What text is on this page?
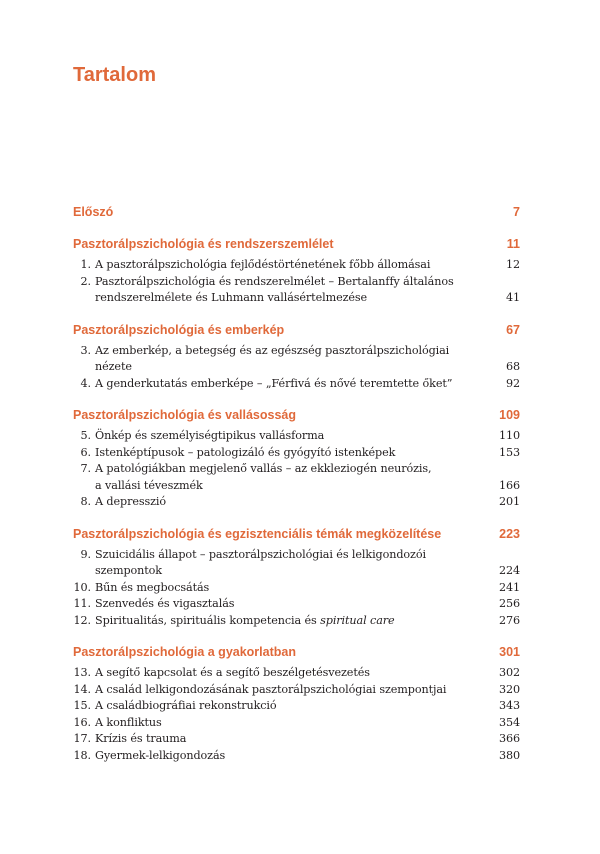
Tartalom
Előszó	7
Pasztorálpszichológia és rendszerszemlélet	11
1. A pasztorálpszichológia fejlődéstörténetének főbb állomásai	12
2. Pasztorálpszichológia és rendszerelmélet – Bertalanffy általános
rendszerelmélete és Luhmann vallásértelmezése	41
Pasztorálpszichológia és emberkép	67
3. Az emberkép, a betegség és az egészség pasztorálpszichológiai
nézete	68
4. A genderkutatás emberképe – „Férfivá és nővé teremtette őket”	92
Pasztorálpszichológia és vallásosság	109
5. Önkép és személyiségtipikus vallásforma	110
6. Istenképtípusok – patologizáló és gyógyító istenképek	153
7. A patológiákban megjelenő vallás – az ekkleziogén neurózis,
a vallási téveszmék	166
8. A depresszió	201
Pasztorálpszichológia és egzisztenciális témák megközelítése	223
9. Szuicidális állapot – pasztorálpszichológiai és lelkigondozói
szempontok	224
10. Bűn és megbocsátás	241
11. Szenvedés és vigasztalás	256
12. Spiritualitás, spirituális kompetencia és spiritual care	276
Pasztorálpszichológia a gyakorlatban	301
13. A segítő kapcsolat és a segítő beszélgetésvezetés	302
14. A család lelkigondozásának pasztorálpszichológiai szempontjai	320
15. A családbiográfiai rekonstrukció	343
16. A konfliktus	354
17. Krízis és trauma	366
18. Gyermek-lelkigondozás	380
